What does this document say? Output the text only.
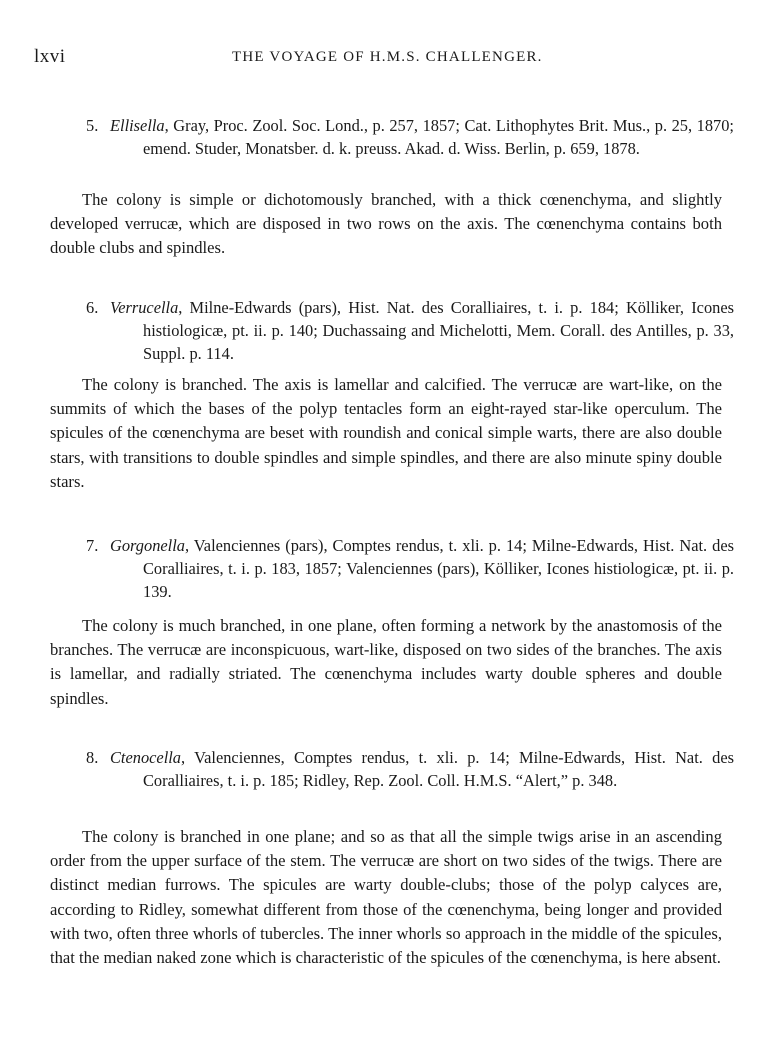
lxvi	THE VOYAGE OF H.M.S. CHALLENGER.
5. Ellisella, Gray, Proc. Zool. Soc. Lond., p. 257, 1857; Cat. Lithophytes Brit. Mus., p. 25, 1870; emend. Studer, Monatsber. d. k. preuss. Akad. d. Wiss. Berlin, p. 659, 1878.

The colony is simple or dichotomously branched, with a thick cœnenchyma, and slightly developed verrucæ, which are disposed in two rows on the axis. The cœnenchyma contains both double clubs and spindles.

6. Verrucella, Milne-Edwards (pars), Hist. Nat. des Coralliaires, t. i. p. 184; Kölliker, Icones histiologicæ, pt. ii. p. 140; Duchassaing and Michelotti, Mem. Corall. des Antilles, p. 33, Suppl. p. 114.

The colony is branched. The axis is lamellar and calcified. The verrucæ are wart-like, on the summits of which the bases of the polyp tentacles form an eight-rayed star-like operculum. The spicules of the cœnenchyma are beset with roundish and conical simple warts, there are also double stars, with transitions to double spindles and simple spindles, and there are also minute spiny double stars.

7. Gorgonella, Valenciennes (pars), Comptes rendus, t. xli. p. 14; Milne-Edwards, Hist. Nat. des Coralliaires, t. i. p. 183, 1857; Valenciennes (pars), Kölliker, Icones histiologicæ, pt. ii. p. 139.

The colony is much branched, in one plane, often forming a network by the anastomosis of the branches. The verrucæ are inconspicuous, wart-like, disposed on two sides of the branches. The axis is lamellar, and radially striated. The cœnenchyma includes warty double spheres and double spindles.

8. Ctenocella, Valenciennes, Comptes rendus, t. xli. p. 14; Milne-Edwards, Hist. Nat. des Coralliaires, t. i. p. 185; Ridley, Rep. Zool. Coll. H.M.S. “Alert,” p. 348.

The colony is branched in one plane; and so as that all the simple twigs arise in an ascending order from the upper surface of the stem. The verrucæ are short on two sides of the twigs. There are distinct median furrows. The spicules are warty double-clubs; those of the polyp calyces are, according to Ridley, somewhat different from those of the cœnenchyma, being longer and provided with two, often three whorls of tubercles. The inner whorls so approach in the middle of the spicules, that the median naked zone which is characteristic of the spicules of the cœnenchyma, is here absent.
